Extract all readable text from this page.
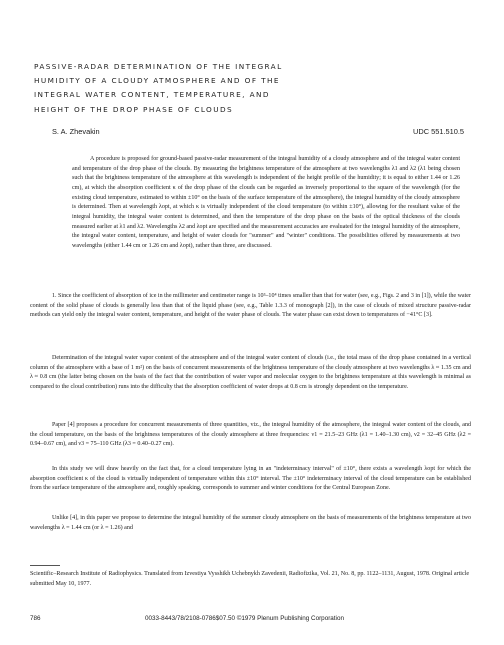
PASSIVE-RADAR DETERMINATION OF THE INTEGRAL
HUMIDITY OF A CLOUDY ATMOSPHERE AND OF THE
INTEGRAL WATER CONTENT, TEMPERATURE, AND
HEIGHT OF THE DROP PHASE OF CLOUDS
S. A. Zhevakin	UDC 551.510.5

A procedure is proposed for ground-based passive-radar measurement of the integral humidity of a cloudy atmosphere and of the integral water content and temperature of the drop phase of the clouds. By measuring the brightness temperature of the atmosphere at two wavelengths λ1 and λ2 (λ1 being chosen such that the brightness temperature of the atmosphere at this wavelength is independent of the height profile of the humidity; it is equal to either 1.44 or 1.26 cm), at which the absorption coefficient κ of the drop phase of the clouds can be regarded as inversely proportional to the square of the wavelength (for the existing cloud temperature, estimated to within ±10° on the basis of the surface temperature of the atmosphere), the integral humidity of the cloudy atmosphere is determined. Then at wavelength λopt, at which κ is virtually independent of the cloud temperature (to within ±10°), allowing for the resultant value of the integral humidity, the integral water content is determined, and then the temperature of the drop phase on the basis of the optical thickness of the clouds measured earlier at λ1 and λ2. Wavelengths λ2 and λopt are specified and the measurement accuracies are evaluated for the integral humidity of the atmosphere, the integral water content, temperature, and height of water clouds for "summer" and "winter" conditions. The possibilities offered by measurements at two wavelengths (either 1.44 cm or 1.26 cm and λopt), rather than three, are discussed.

1. Since the coefficient of absorption of ice in the millimeter and centimeter range is 10³–10⁴ times smaller than that for water (see, e.g., Figs. 2 and 3 in [1]), while the water content of the solid phase of clouds is generally less than that of the liquid phase (see, e.g., Table 1.3.3 of monograph [2]), in the case of clouds of mixed structure passive-radar methods can yield only the integral water content, temperature, and height of the water phase of clouds. The water phase can exist down to temperatures of −41°C [3].

Determination of the integral water vapor content of the atmosphere and of the integral water content of clouds (i.e., the total mass of the drop phase contained in a vertical column of the atmosphere with a base of 1 m²) on the basis of concurrent measurements of the brightness temperature of the cloudy atmosphere at two wavelengths λ ≈ 1.35 cm and λ ≈ 0.8 cm (the latter being chosen on the basis of the fact that the contribution of water vapor and molecular oxygen to the brightness temperature at this wavelength is minimal as compared to the cloud contribution) runs into the difficulty that the absorption coefficient of water drops at 0.8 cm is strongly dependent on the temperature.

Paper [4] proposes a procedure for concurrent measurements of three quantities, viz., the integral humidity of the atmosphere, the integral water content of the clouds, and the cloud temperature, on the basis of the brightness temperatures of the cloudy atmosphere at three frequencies: ν1 = 21.5–23 GHz (λ1 = 1.40–1.30 cm), ν2 = 32–45 GHz (λ2 = 0.94–0.67 cm), and ν3 = 75–110 GHz (λ3 = 0.40–0.27 cm).

In this study we will draw heavily on the fact that, for a cloud temperature lying in an "indeterminacy interval" of ±10°, there exists a wavelength λopt for which the absorption coefficient κ of the cloud is virtually independent of temperature within this ±10° interval. The ±10° indeterminacy interval of the cloud temperature can be established from the surface temperature of the atmosphere and, roughly speaking, corresponds to summer and winter conditions for the Central European Zone.

Unlike [4], in this paper we propose to determine the integral humidity of the summer cloudy atmosphere on the basis of measurements of the brightness temperature at two wavelengths λ = 1.44 cm (or λ = 1.26) and

Scientific–Research Institute of Radiophysics. Translated from Izvestiya Vysshikh Uchebnykh Zavedenii, Radiofizika, Vol. 21, No. 8, pp. 1122–1131, August, 1978. Original article submitted May 10, 1977.
786	0033-8443/78/2108-0786$07.50 ©1979 Plenum Publishing Corporation
